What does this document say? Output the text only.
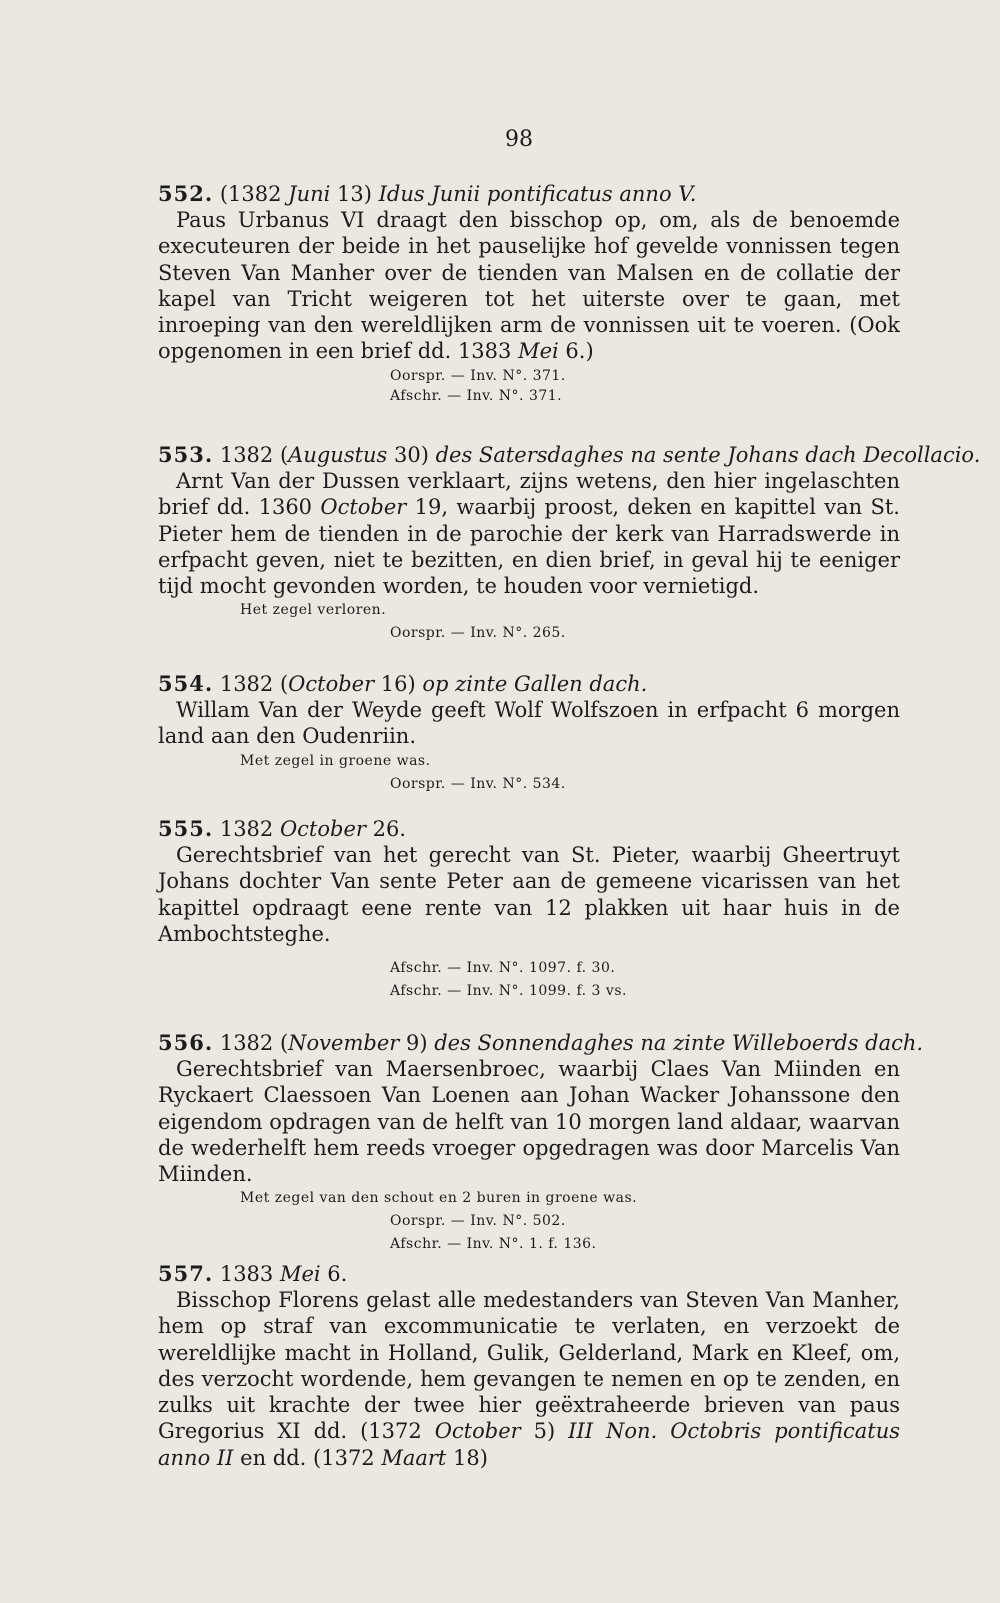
98
552. (1382 Juni 13) Idus Junii pontificatus anno V.

Paus Urbanus VI draagt den bisschop op, om, als de benoemde executeuren der beide in het pauselijke hof gevelde vonnissen tegen Steven Van Manher over de tienden van Malsen en de collatie der kapel van Tricht weigeren tot het uiterste over te gaan, met inroeping van den wereldlijken arm de vonnissen uit te voeren. (Ook opgenomen in een brief dd. 1383 Mei 6.)

Oorspr. — Inv. N°. 371.
Afschr. — Inv. N°. 371.
553. 1382 (Augustus 30) des Satersdaghes na sente Johans dach Decollacio.

Arnt Van der Dussen verklaart, zijns wetens, den hier ingelaschten brief dd. 1360 October 19, waarbij proost, deken en kapittel van St. Pieter hem de tienden in de parochie der kerk van Harradswerde in erfpacht geven, niet te bezitten, en dien brief, in geval hij te eeniger tijd mocht gevonden worden, te houden voor vernietigd.

Het zegel verloren.
Oorspr. — Inv. N°. 265.
554. 1382 (October 16) op zinte Gallen dach.

Willam Van der Weyde geeft Wolf Wolfszoen in erfpacht 6 morgen land aan den Oudenriin.

Met zegel in groene was.
Oorspr. — Inv. N°. 534.
555. 1382 October 26.

Gerechtsbrief van het gerecht van St. Pieter, waarbij Gheertruyt Johans dochter Van sente Peter aan de gemeene vicarissen van het kapittel opdraagt eene rente van 12 plakken uit haar huis in de Ambochtsteghe.

Afschr. — Inv. N°. 1097. f. 30.
Afschr. — Inv. N°. 1099. f. 3 vs.
556. 1382 (November 9) des Sonnendaghes na zinte Willeboerds dach.

Gerechtsbrief van Maersenbroec, waarbij Claes Van Miinden en Ryckaert Claessoen Van Loenen aan Johan Wacker Johanssone den eigendom opdragen van de helft van 10 morgen land aldaar, waarvan de wederhelft hem reeds vroeger opgedragen was door Marcelis Van Miinden.

Met zegel van den schout en 2 buren in groene was.
Oorspr. — Inv. N°. 502.
Afschr. — Inv. N°. 1. f. 136.
557. 1383 Mei 6.

Bisschop Florens gelast alle medestanders van Steven Van Manher, hem op straf van excommunicatie te verlaten, en verzoekt de wereldlijke macht in Holland, Gulik, Gelderland, Mark en Kleef, om, des verzocht wordende, hem gevangen te nemen en op te zenden, en zulks uit krachte der twee hier geëxtraheerde brieven van paus Gregorius XI dd. (1372 October 5) III Non. Octobris pontificatus anno II en dd. (1372 Maart 18)
